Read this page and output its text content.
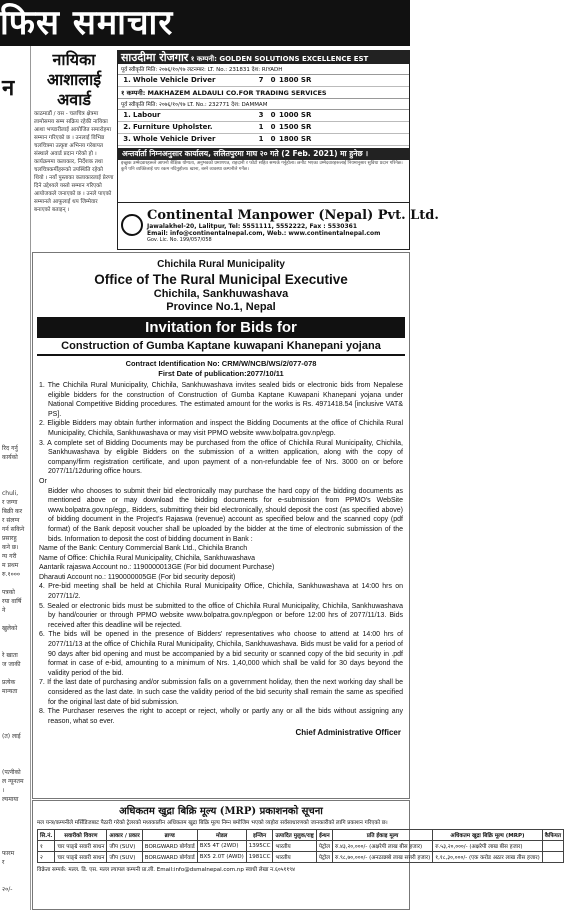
फिस समाचार
न

रिद गर्नु
कार्यको

chuli,
र जग्गा
बिक्री कर
र संलग्न
गर्न सकिने
प्रसारहु
कने छ।
ग्य गरी
म प्रथम
रु.१०००

पत्रको
रया वार्षि
ने

खुलेको

रे खाता
ज जाकी

प्रत्येक
मान्यता

(त) लाई

(पत्नीको
ल न्यूनतम
।
ल्यमाया

फारम
र

२०/-
नायिका आशालाई अवार्ड
काठमाडौं / वस - चलचित्र क्षेत्रमा लामोसमय सम्म सक्रिय रहेकी नायिका आशा भण्डारीलाई आयोजित समारोहमा सम्मान गरिएको छ । उनलाई विभिन्न चलचित्रमा उत्कृष्ट अभिनय गरेबापत संस्थाले अवार्ड प्रदान गरेको हो । कार्यक्रममा कलाकार, निर्देशक तथा चलचित्रकर्मीहरूको उपस्थिति रहेको थियो । नयाँ पुस्ताका कलाकारलाई प्रेरणा दिने उद्देश्यले यस्तो सम्मान गरिएको आयोजकले जनाएको छ । उनले पाएको सम्मानले आफूलाई थप जिम्मेवार बनाएको बताइन् ।
साउदीमा रोजगार १ कम्पनी: GOLDEN SOLUTIONS EXCELLENCE EST
पूर्व स्वीकृति मिति: २०७६/१०/१७ लटनम्बर: LT. No.: 231831 देश: RIYADH
1. Whole Vehicle Driver	7	0 1800 SR
१ कम्पनी: MAKHAZEM ALDAULI CO.FOR TRADING SERVICES
पूर्व स्वीकृति मिति: २०७६/१०/१७ LT. No.: 232771 देश: DAMMAM
1. Labour	3	0 1000 SR
2. Furniture Upholster.	1	0 1500 SR
3. Whole Vehicle Driver	1	0 1800 SR
अन्तर्वार्ता निम्नअनुसार कार्यालय, ललितपुरमा माघ २० गते (2 Feb. 2021) मा हुनेछ ।
इच्छुक उम्मेदवारहरूले आफ्नो शैक्षिक योग्यता, अनुभवको प्रमाणपत्र, राहदानी र फोटो सहित सम्पर्क गर्नुहोला। छनौट भएका उम्मेदवारहरूलाई नियमानुसार सुविधा प्रदान गरिनेछ। कुनै पनि व्यक्तिलाई थप रकम नदिनुहोला। खाना, बस्ने व्यवस्था कम्पनीले गर्नेछ।
Continental Manpower (Nepal) Pvt. Ltd.
Jawalakhel-20, Lalitpur, Tel: 5551111, 5552222, Fax : 5530361
Email: info@continentalnepal.com, Web.: www.continentalnepal.com
Gov. Lic. No. 199/057/058
Chichila Rural Municipality
Office of The Rural Municipal Executive
Chichila, Sankhuwashava
Province No.1, Nepal
Invitation for Bids for
Construction of Gumba Kaptane kuwapani Khanepani yojana
Contract Identification No: CRM/W/NCB/WS/2/077-078
First Date of publication:2077/10/11

1. The Chichila Rural Municipality, Chichila, Sankhuwashava invites sealed bids or electronic bids from Nepalese eligible bidders for the construction of Construction of Gumba Kaptane Kuwapani Khanepani yojana under National Competitive Bidding procedures. The estimated amount for the works is Rs. 4971418.54 [inclusive VAT& PS].

2. Eligible Bidders may obtain further information and inspect the Bidding Documents at the office of Chichila Rural Municipality, Chichila, Sankhuwashava or may visit PPMO website www.bolpatra.gov.np/egp.

3. A complete set of Bidding Documents may be purchased from the office of Chichila Rural Municipality, Chichila, Sankhuwashava by eligible Bidders on the submission of a written application, along with the copy of company/firm registration certificate, and upon payment of a non-refundable fee of Nrs. 3000 on or before 2077/11/12during office hours.

Or

Bidder who chooses to submit their bid electronically may purchase the hard copy of the bidding documents as mentioned above or may download the bidding documents for e-submission from PPMO's WebSite www.bolpatra.gov.np/egp,. Bidders, submitting their bid electronically, should deposit the cost (as specified above) of bidding document in the Project's Rajaswa (revenue) account as specified below and the scanned copy (pdf format) of the Bank deposit voucher shall be uploaded by the bidder at the time of electronic submission of the bids. Information to deposit the cost of bidding document in Bank :

Name of the Bank: Century Commercial Bank Ltd., Chichila Branch

Name of Office: Chichila Rural Municipality, Chichila, Sankhuwashava

Aantarik rajaswa Account no.: 1190000013GE (For bid document Purchase)

Dharauti Account no.: 1190000005GE (For bid security deposit)

4. Pre-bid meeting shall be held at Chichila Rural Municipality Office, Chichila, Sankhuwashava at 14:00 hrs on 2077/11/2.

5. Sealed or electronic bids must be submitted to the office of Chichila Rural Municipality, Chichila, Sankhuwashava by hand/courier or through PPMO website www.bolpatra.gov.np/egpon or before 12:00 hrs of 2077/11/13. Bids received after this deadline will be rejected.

6. The bids will be opened in the presence of Bidders' representatives who choose to attend at 14:00 hrs of 2077/11/13 at the office of Chichila Rural Municipality, Chichila, Sankhuwashava. Bids must be valid for a period of 90 days after bid opening and must be accompanied by a bid security or scanned copy of the bid security in .pdf format in case of e-bid, amounting to a minimum of Nrs. 1,40,000 which shall be valid for 30 days beyond the validity period of the bid.

7. If the last date of purchasing and/or submission falls on a government holiday, then the next working day shall be considered as the last date. In such case the validity period of the bid security shall remain the same as specified for the original last date of bid submission.

8. The Purchaser reserves the right to accept or reject, wholly or partly any or all the bids without assigning any reason, what so ever.

Chief Administrative Officer
अधिकतम खुद्रा बिक्रि मूल्य (MRP) प्रकाशनको सूचना
मल यन्त्र/कम्पनीले मर्सिडिजबाट पैठारी गरेको ट्रेलरको मध्यकालीन अधिकतम खुद्रा बिक्रि मूल्य निम्न बमोजिम भएको व्यहोरा सर्वसाधारणको जानकारीको लागि प्रकाशन गरिएको छ।
सि.नं.	सवारीको विवरण	आकार / प्रकार	ब्राण्ड	मोडल	इन्जिन	उत्पादित मुलुक/राष्ट्र	ईन्धन	प्रति ईकाइ मूल्य	अधिकतम खुद्रा बिक्रि मूल्य (MRP)	कैफियत
१	चार पाङ्ग्रे सवारी साधन	जीप (SUV)	BORGWARD बोर्गवार्ड	BX5 4T (2WD)	1395CC	भारतीय	पेट्रोल	रु.४३,२०,०००/- (अक्षरेपी लाख बीस हजार)	रु.५३,२०,०००/- (अक्षरेपी लाख बीस हजार)	
२	चार पाङ्ग्रे सवारी साधन	जीप (SUV)	BORGWARD बोर्गवार्ड	BX5 2.0T (AWD)	1981CC	भारतीय	पेट्रोल	रु.९८,७०,०००/- (अनठान्नब्बे लाख सत्तरी हजार)	१,१८,३०,०००/- (एक करोड अठार लाख तीस हजार)	
विक्रेता सम्पर्क: मल्ल. डि. एस. मल्ल ल्यापल कम्पनी प्रा.ली. Email:info@dsmalnepal.com.np स्वाधी लेखा न.६०५११९४
